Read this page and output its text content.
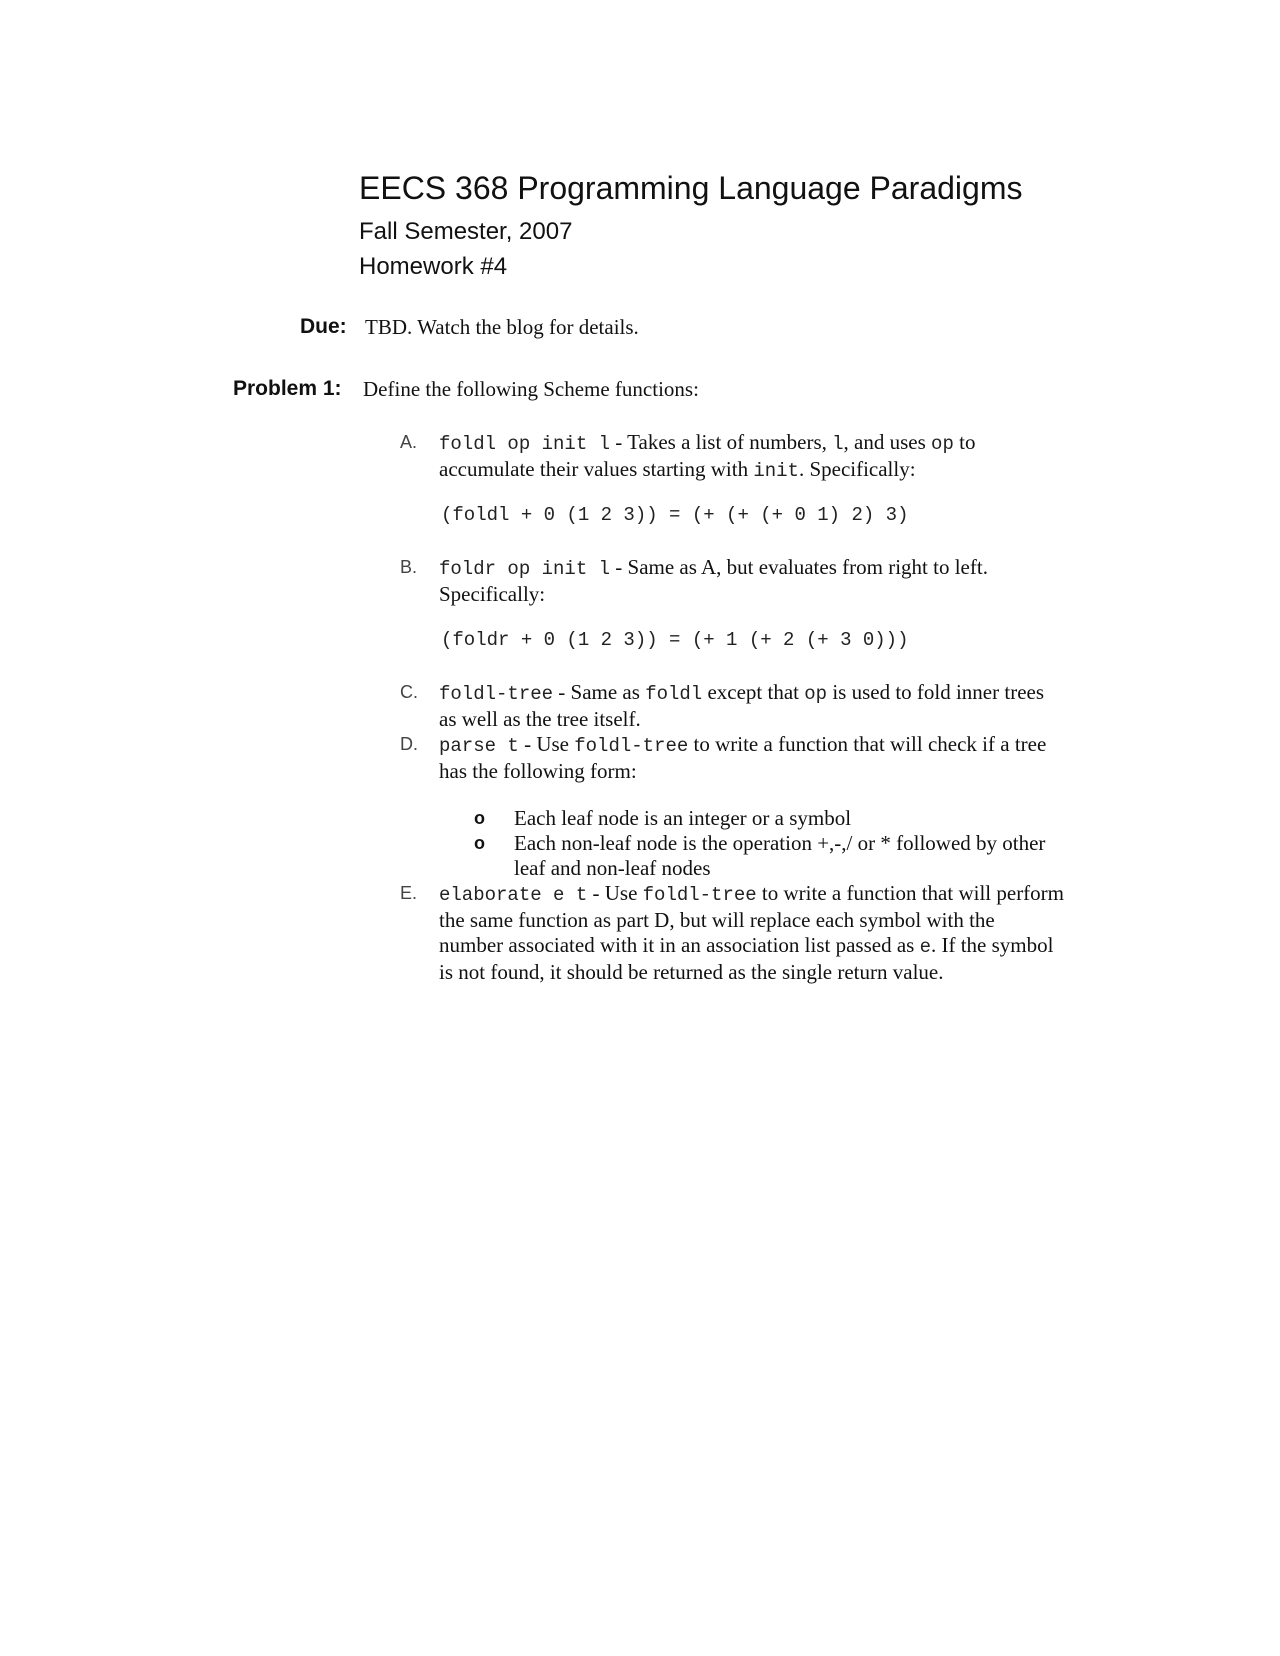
EECS 368 Programming Language Paradigms
Fall Semester, 2007
Homework #4
Due: TBD. Watch the blog for details.
Problem 1: Define the following Scheme functions:
A. foldl op init l - Takes a list of numbers, l, and uses op to accumulate their values starting with init. Specifically:
(foldl + 0 (1 2 3)) = (+ (+ (+ 0 1) 2) 3)
B. foldr op init l - Same as A, but evaluates from right to left. Specifically:
(foldr + 0 (1 2 3)) = (+ 1 (+ 2 (+ 3 0)))
C. foldl-tree - Same as foldl except that op is used to fold inner trees as well as the tree itself.
D. parse t - Use foldl-tree to write a function that will check if a tree has the following form:
o Each leaf node is an integer or a symbol
o Each non-leaf node is the operation +,-,/ or * followed by other leaf and non-leaf nodes
E. elaborate e t - Use foldl-tree to write a function that will perform the same function as part D, but will replace each symbol with the number associated with it in an association list passed as e. If the symbol is not found, it should be returned as the single return value.
